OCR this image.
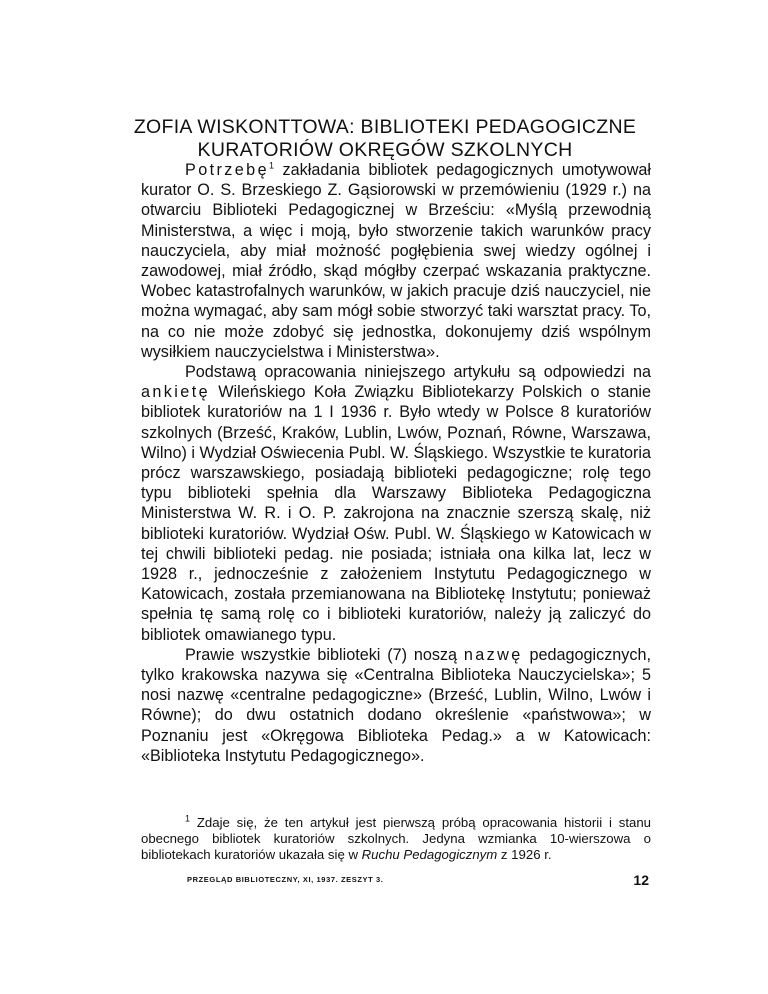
ZOFIA WISKONTTOWA: BIBLIOTEKI PEDAGOGICZNE
KURATORIÓW OKRĘGÓW SZKOLNYCH

Potrzebę$^1$ zakładania bibliotek pedagogicznych umotywował kurator O. S. Brzeskiego Z. Gąsiorowski w przemówieniu (1929 r.) na otwarciu Biblioteki Pedagogicznej w Brześciu: «Myślą przewodnią Ministerstwa, a więc i moją, było stworzenie takich warunków pracy nauczyciela, aby miał możność pogłębienia swej wiedzy ogólnej i zawodowej, miał źródło, skąd mógłby czerpać wskazania praktyczne. Wobec katastrofalnych warunków, w jakich pracuje dziś nauczyciel, nie można wymagać, aby sam mógł sobie stworzyć taki warsztat pracy. To, na co nie może zdobyć się jednostka, dokonujemy dziś wspólnym wysiłkiem nauczycielstwa i Ministerstwa».

Podstawą opracowania niniejszego artykułu są odpowiedzi na ankietę Wileńskiego Koła Związku Bibliotekarzy Polskich o stanie bibliotek kuratoriów na 1 I 1936 r. Było wtedy w Polsce 8 kuratoriów szkolnych (Brześć, Kraków, Lublin, Lwów, Poznań, Równe, Warszawa, Wilno) i Wydział Oświecenia Publ. W. Śląskiego. Wszystkie te kuratoria prócz warszawskiego, posiadają biblioteki pedagogiczne; rolę tego typu biblioteki spełnia dla Warszawy Biblioteka Pedagogiczna Ministerstwa W. R. i O. P. zakrojona na znacznie szerszą skalę, niż biblioteki kuratoriów. Wydział Ośw. Publ. W. Śląskiego w Katowicach w tej chwili biblioteki pedag. nie posiada; istniała ona kilka lat, lecz w 1928 r., jednocześnie z założeniem Instytutu Pedagogicznego w Katowicach, została przemianowana na Bibliotekę Instytutu; ponieważ spełnia tę samą rolę co i biblioteki kuratoriów, należy ją zaliczyć do bibliotek omawianego typu.

Prawie wszystkie biblioteki (7) noszą nazwę pedagogicznych, tylko krakowska nazywa się «Centralna Biblioteka Nauczycielska»; 5 nosi nazwę «centralne pedagogiczne» (Brześć, Lublin, Wilno, Lwów i Równe); do dwu ostatnich dodano określenie «państwowa»; w Poznaniu jest «Okręgowa Biblioteka Pedag.» a w Katowicach: «Biblioteka Instytutu Pedagogicznego».

$^1$ Zdaje się, że ten artykuł jest pierwszą próbą opracowania historii i stanu obecnego bibliotek kuratoriów szkolnych. Jedyna wzmianka 10-wierszowa o bibliotekach kuratoriów ukazała się w Ruchu Pedagogicznym z 1926 r.

PRZEGLĄD BIBLIOTECZNY, XI, 1937. ZESZYT 3.	12
